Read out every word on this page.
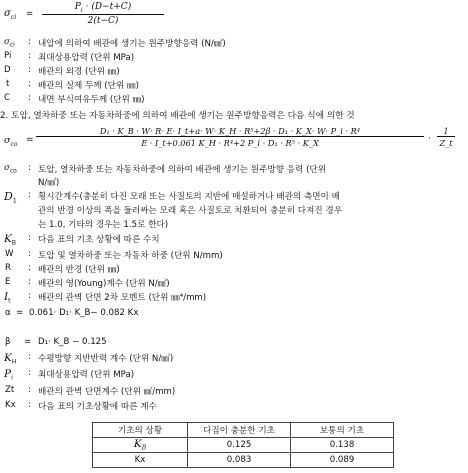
$\sigma_{ci} = \frac{P_i \cdot (D-t+C)}{2(t-C)}$
$\sigma_{ci}$ : 내압에 의하여 배관에 생기는 원주방향응력 (N/㎟)
Pi : 최대상용압력 (단위 MPa)
D : 배관의 외경 (단위 ㎜)
t : 배관의 실제 두께 (단위 ㎜)
C : 내면 부식여유두께 (단위 ㎜)
2. 토압, 열차하중 또는 자동차하중에 의하여 배관에 생기는 원주방향응력은 다음 식에 의한 것
$\sigma_{co}$ =
D₁ · K_B · W· R· E· I_t+a· W· K_H · R⁵+2β · D₁ · K_X· W· P_i · R⁴
E · I_t+0.061 K_H · R⁴+2 P_i · D₁ · R⁵ · K_X	· $\frac{1}{Z\_t}$
$\sigma_{co}$ : 토압, 열차하중 또는 자동차하중에 의하여 배관에 생기는 원주방향 응력 (단위
N/㎟)
$D_1$
: 횡시간계수(충분히 다진 모래 또는 사질토의 지반에 매설하거나 배관의 측면이 배
관의 반경 이상의 폭을 둘러싸는 모래 혹은 사질토로 치환되어 충분히 다져진 경우
는 1.0, 기타의 경우는 1.5로 한다)
$K_B$
: 다음 표의 기초 상황에 따른 수치
W : 토압 및 열차하중 또는 자동차 하중 (단위 N/mm)
R : 배관의 반경 (단위 ㎜)
E : 배관의 영(Young)계수 (단위 N/㎟)
$I_t$
: 배관의 관벽 단면 2차 모멘트 (단위 ㎜⁴/mm)
α = 0.061· D₁· K_B− 0.082 Kx
β = D₁· K_B − 0.125
$K_H$
: 수평방향 지반반력 계수 (단위 N/㎣)
$P_i$
: 최대상용압력 (단위 MPa)
Zt : 배관의 관벽 단면계수 (단위 ㎣/mm)
Kx : 다음 표의 기초상황에 따른 계수
기초의 상황	다짐이 충분한 기초	보통의 기초
$K_B$	0.125	0.138
Kx	0.083	0.089
